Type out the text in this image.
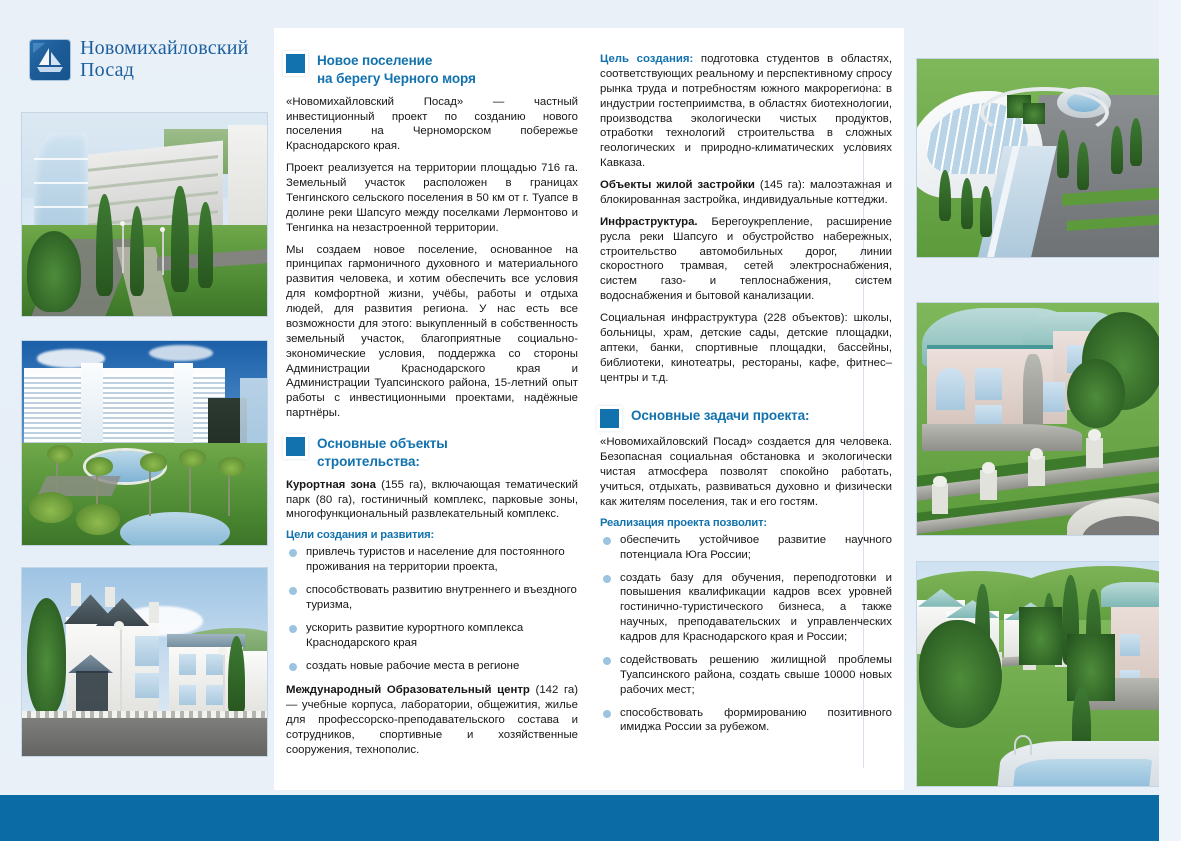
Новомихайловский
Посад	Новое поселение
на берегу Черного моря

«Новомихайловский Посад» — частный инвестиционный проект по созданию нового поселения на Черноморском побережье Краснодарского края.

Проект реализуется на территории площадью 716 га. Земельный участок расположен в границах Тенгинского сельского поселения в 50 км от г. Туапсе в долине реки Шапсуго между поселками Лермонтово и Тенгинка на незастроенной территории.

Мы создаем новое поселение, основанное на принципах гармоничного духовного и материального развития человека, и хотим обеспечить все условия для комфортной жизни, учёбы, работы и отдыха людей, для развития региона. У нас есть все возможности для этого: выкупленный в собственность земельный участок, благоприятные социально-экономические условия, поддержка со стороны Администрации Краснодарского края и Администрации Туапсинского района, 15-летний опыт работы с инвестиционными проектами, надёжные партнёры.

Основные объекты
строительства:

Курортная зона (155 га), включающая тематический парк (80 га), гостиничный комплекс, парковые зоны, многофункциональный развлекательный комплекс.

Цели создания и развития:
привлечь туристов и население для постоянного проживания на территории проекта,
способствовать развитию внутреннего и въездного туризма,
ускорить развитие курортного комплекса Краснодарского края
создать новые рабочие места в регионе

Международный Образовательный центр (142 га) — учебные корпуса, лаборатории, общежития, жилье для профессорско-преподавательского состава и сотрудников, спортивные и хозяйственные сооружения, технополис.

Цель создания: подготовка студентов в областях, соответствующих реальному и перспективному спросу рынка труда и потребностям южного макрорегиона: в индустрии гостеприимства, в областях биотехнологии, производства экологически чистых продуктов, отработки технологий строительства в сложных геологических и природно-климатических условиях Кавказа.

Объекты жилой застройки (145 га): малоэтажная и блокированная застройка, индивидуальные коттеджи.

Инфраструктура. Берегоукрепление, расширение русла реки Шапсуго и обустройство набережных, строительство автомобильных дорог, линии скоростного трамвая, сетей электроснабжения, систем газо- и теплоснабжения, систем водоснабжения и бытовой канализации.

Социальная инфраструктура (228 объектов): школы, больницы, храм, детские сады, детские площадки, аптеки, банки, спортивные площадки, бассейны, библиотеки, кинотеатры, рестораны, кафе, фитнес–центры и т.д.

Основные задачи проекта:

«Новомихайловский Посад» создается для человека. Безопасная социальная обстановка и экологически чистая атмосфера позволят спокойно работать, учиться, отдыхать, развиваться духовно и физически как жителям поселения, так и его гостям.

Реализация проекта позволит:
обеспечить устойчивое развитие научного потенциала Юга России;
создать базу для обучения, переподготовки и повышения квалификации кадров всех уровней гостинично-туристического бизнеса, а также научных, преподавательских и управленческих кадров для Краснодарского края и России;
содействовать решению жилищной проблемы Туапсинского района, создать свыше 10000 новых рабочих мест;
способствовать формированию позитивного имиджа России за рубежом.
